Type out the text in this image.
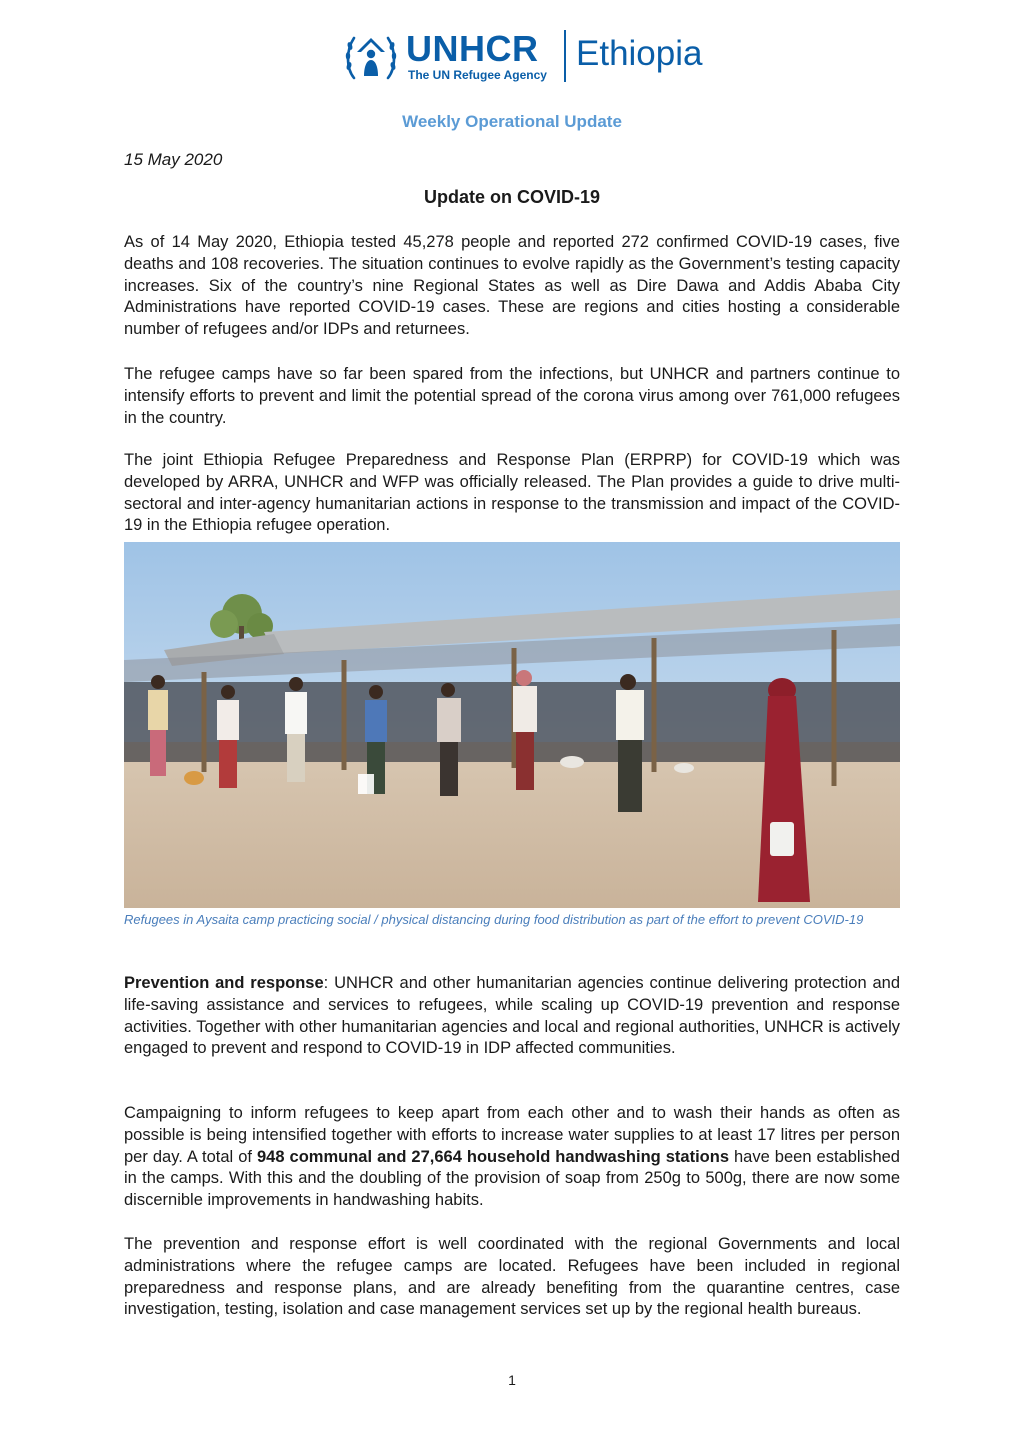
UNHCR
The UN Refugee Agency
Ethiopia
Weekly Operational Update
15 May 2020
Update on COVID-19

As of 14 May 2020, Ethiopia tested 45,278 people and reported 272 confirmed COVID-19 cases, five deaths and 108 recoveries. The situation continues to evolve rapidly as the Government’s testing capacity increases. Six of the country’s nine Regional States as well as Dire Dawa and Addis Ababa City Administrations have reported COVID-19 cases. These are regions and cities hosting a considerable number of refugees and/or IDPs and returnees.

The refugee camps have so far been spared from the infections, but UNHCR and partners continue to intensify efforts to prevent and limit the potential spread of the corona virus among over 761,000 refugees in the country.

The joint Ethiopia Refugee Preparedness and Response Plan (ERPRP) for COVID-19 which was developed by ARRA, UNHCR and WFP was officially released. The Plan provides a guide to drive multi-sectoral and inter-agency humanitarian actions in response to the transmission and impact of the COVID-19 in the Ethiopia refugee operation.

Refugees in Aysaita camp practicing social / physical distancing during food distribution as part of the effort to prevent COVID-19

Prevention and response: UNHCR and other humanitarian agencies continue delivering protection and life-saving assistance and services to refugees, while scaling up COVID-19 prevention and response activities. Together with other humanitarian agencies and local and regional authorities, UNHCR is actively engaged to prevent and respond to COVID-19 in IDP affected communities.

Campaigning to inform refugees to keep apart from each other and to wash their hands as often as possible is being intensified together with efforts to increase water supplies to at least 17 litres per person per day. A total of 948 communal and 27,664 household handwashing stations have been established in the camps. With this and the doubling of the provision of soap from 250g to 500g, there are now some discernible improvements in handwashing habits.

The prevention and response effort is well coordinated with the regional Governments and local administrations where the refugee camps are located. Refugees have been included in regional preparedness and response plans, and are already benefiting from the quarantine centres, case investigation, testing, isolation and case management services set up by the regional health bureaus.

1
